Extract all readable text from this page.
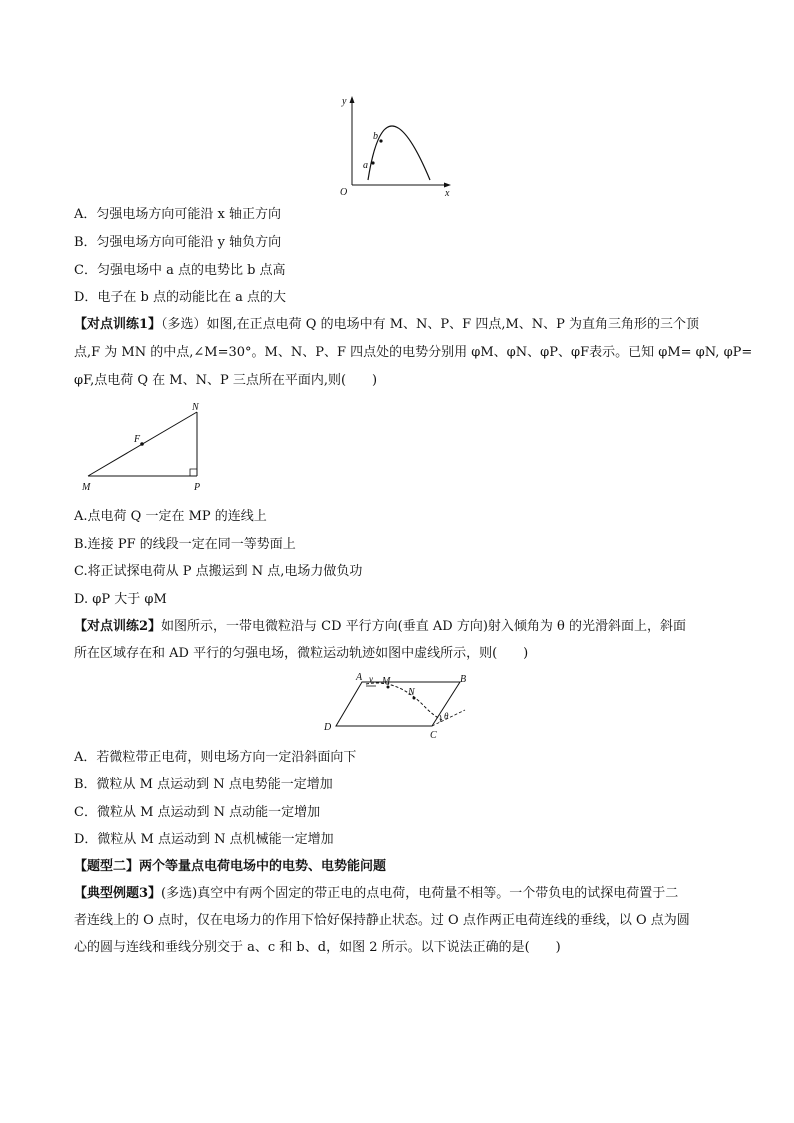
y
x
O
a
b
A．匀强电场方向可能沿 x 轴正方向
B．匀强电场方向可能沿 y 轴负方向
C．匀强电场中 a 点的电势比 b 点高
D．电子在 b 点的动能比在 a 点的大
【对点训练1】（多选）如图,在正点电荷 Q 的电场中有 M、N、P、F 四点,M、N、P 为直角三角形的三个顶
点,F 为 MN 的中点,∠M=30°。M、N、P、F 四点处的电势分别用 φM、φN、φP、φF表示。已知 φM= φN, φP=
φF,点电荷 Q 在 M、N、P 三点所在平面内,则(　　)
N
F
M	P
A.点电荷 Q 一定在 MP 的连线上
B.连接 PF 的线段一定在同一等势面上
C.将正试探电荷从 P 点搬运到 N 点,电场力做负功
D. φP 大于 φM
【对点训练2】如图所示，一带电微粒沿与 CD 平行方向(垂直 AD 方向)射入倾角为 θ 的光滑斜面上，斜面
所在区域存在和 AD 平行的匀强电场，微粒运动轨迹如图中虚线所示，则(　　)
A	B
C
D
v M
N
θ
A．若微粒带正电荷，则电场方向一定沿斜面向下
B．微粒从 M 点运动到 N 点电势能一定增加
C．微粒从 M 点运动到 N 点动能一定增加
D．微粒从 M 点运动到 N 点机械能一定增加
【题型二】两个等量点电荷电场中的电势、电势能问题
【典型例题3】(多选)真空中有两个固定的带正电的点电荷，电荷量不相等。一个带负电的试探电荷置于二
者连线上的 O 点时，仅在电场力的作用下恰好保持静止状态。过 O 点作两正电荷连线的垂线，以 O 点为圆
心的圆与连线和垂线分别交于 a、c 和 b、d，如图 2 所示。以下说法正确的是(　　)
